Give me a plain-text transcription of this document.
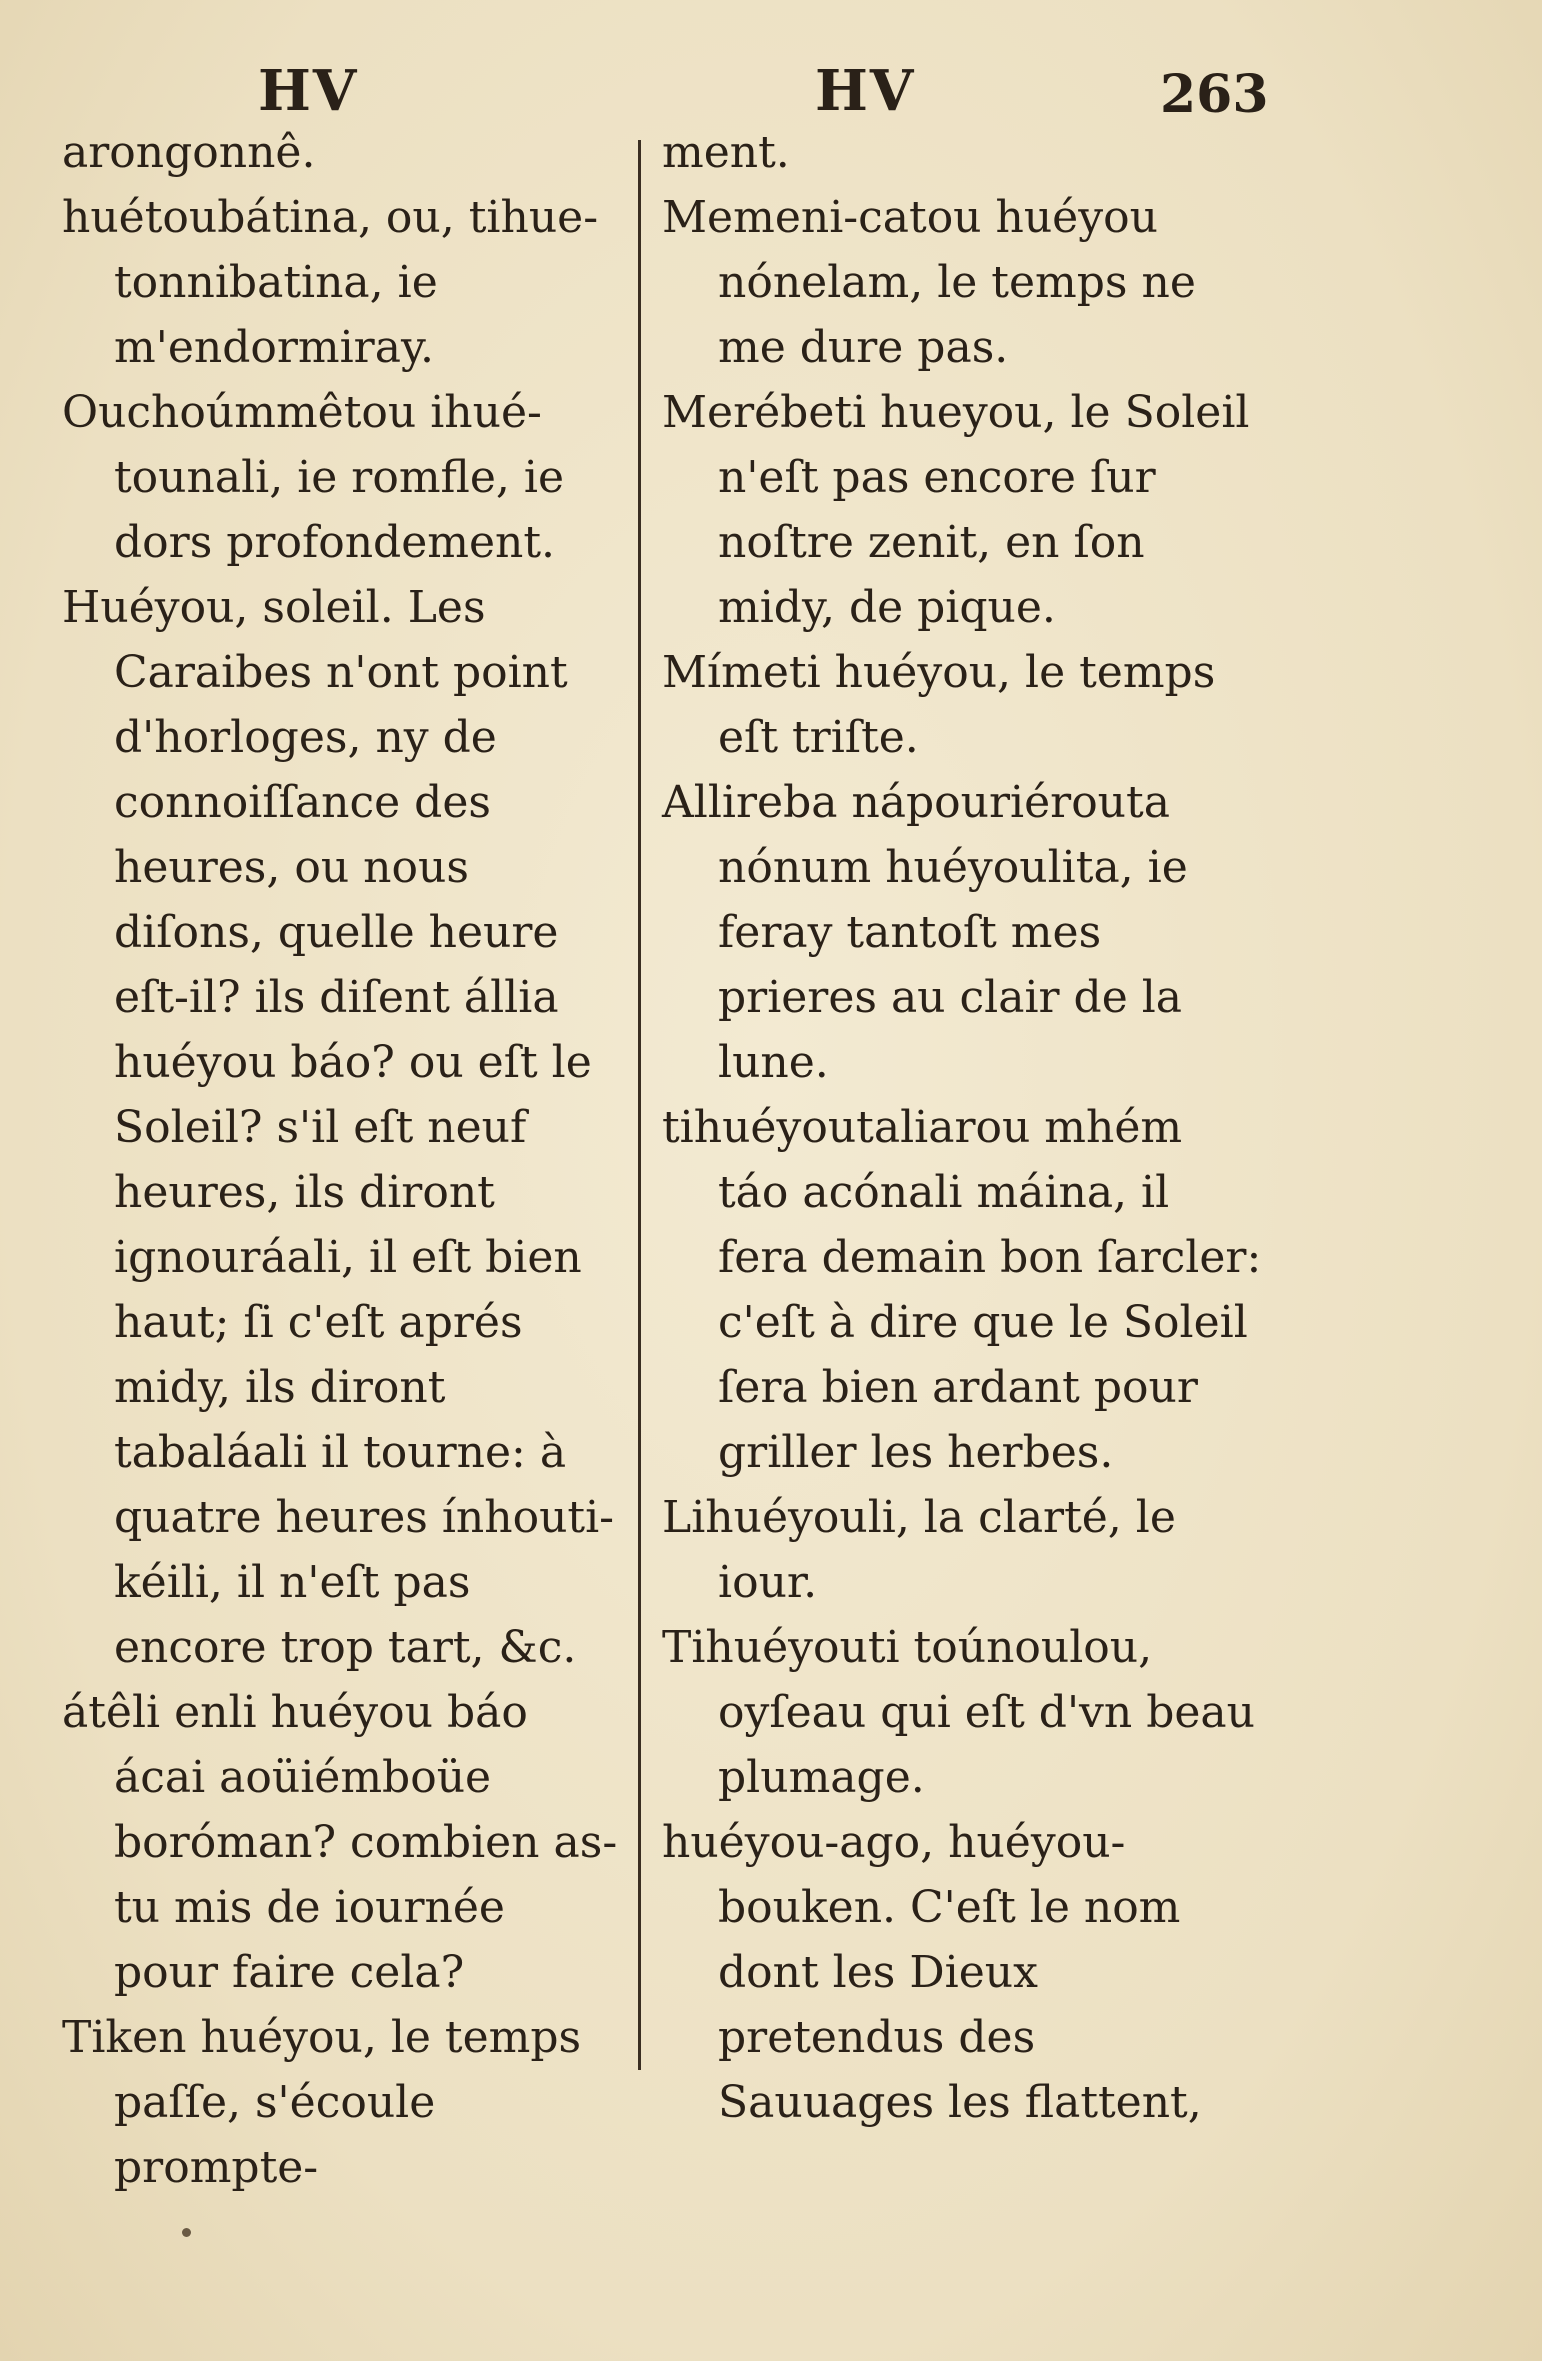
HV	HV	263

arongonnê.

huétoubátina, ou, tihue-tonnibatina, ie m'endormiray.

Ouchoúmmêtou ihué-tounali, ie romfle, ie dors profondement.

Huéyou, soleil. Les Caraibes n'ont point d'horloges, ny de connoiſſance des heures, ou nous diſons, quelle heure eſt-il? ils diſent állia huéyou báo? ou eſt le Soleil? s'il eſt neuf heures, ils diront ignouráali, il eſt bien haut; ſi c'eſt aprés midy, ils diront tabaláali il tourne: à quatre heures ínhouti-kéili, il n'eſt pas encore trop tart, &c.

átêli enli huéyou báo ácai aoüiémboüe boróman? combien as-tu mis de iournée pour faire cela?

Tiken huéyou, le temps paſſe, s'écoule prompte-

ment.

Memeni-catou huéyou nónelam, le temps ne me dure pas.

Merébeti hueyou, le Soleil n'eſt pas encore ſur noſtre zenit, en ſon midy, de pique.

Mímeti huéyou, le temps eſt triſte.

Allireba nápouriérouta nónum huéyoulita, ie feray tantoſt mes prieres au clair de la lune.

tihuéyoutaliarou mhém táo acónali máina, il fera demain bon ſarcler: c'eſt à dire que le Soleil ſera bien ardant pour griller les herbes.

Lihuéyouli, la clarté, le iour.

Tihuéyouti toúnoulou, oyſeau qui eſt d'vn beau plumage.

huéyou-ago, huéyou-bouken. C'eſt le nom dont les Dieux pretendus des Sauuages les flattent,
